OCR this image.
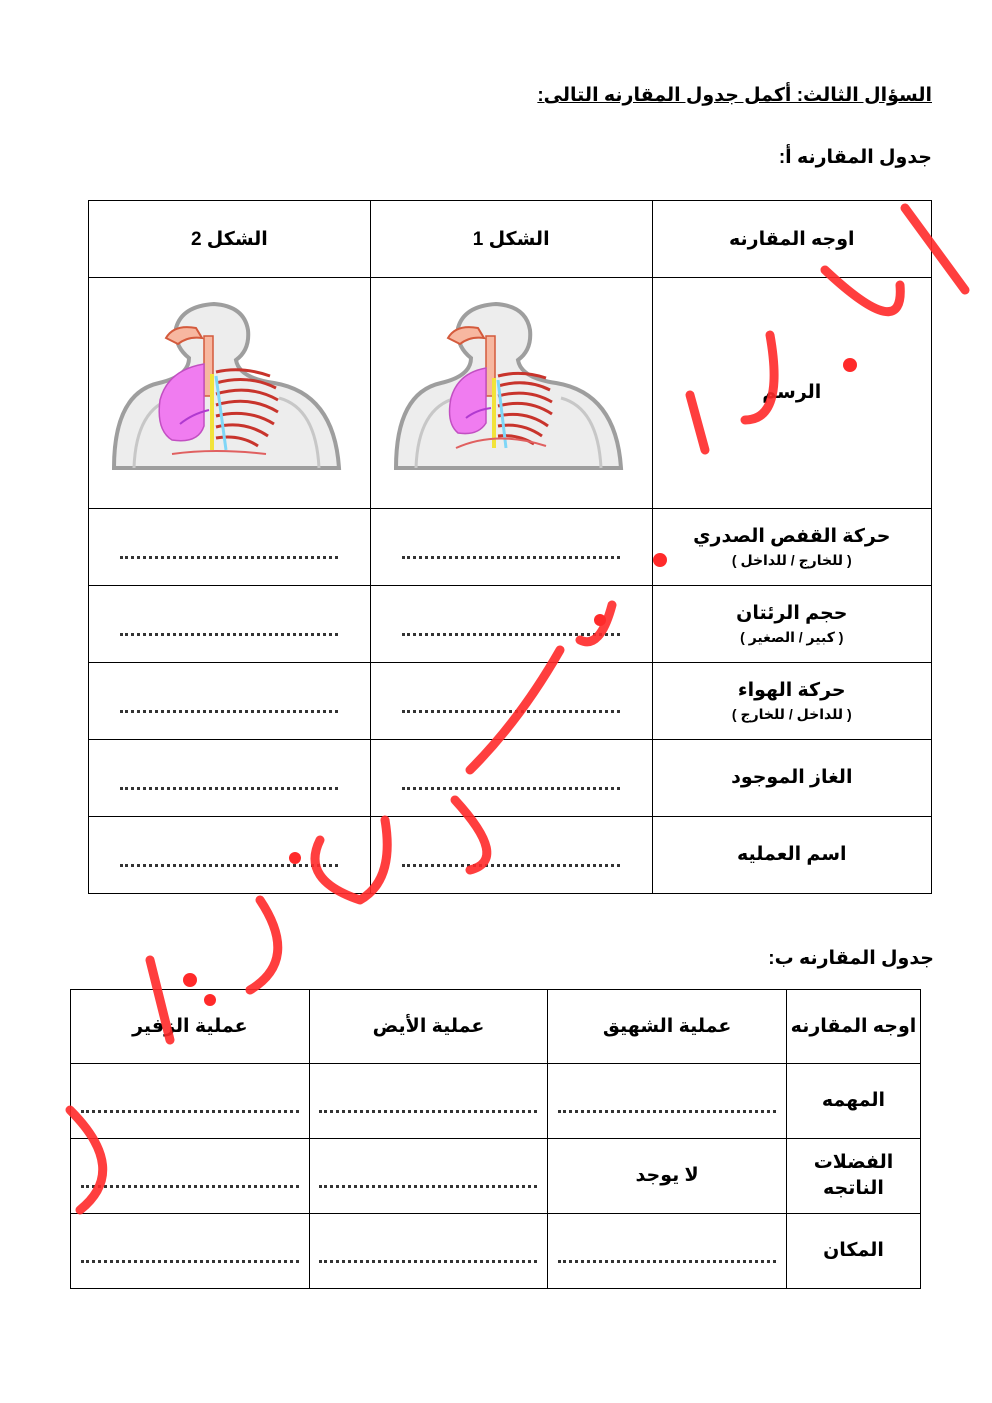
السؤال الثالث: أكمل جدول المقارنه التالى:
جدول المقارنه أ:
اوجه المقارنه	الشكل 1	الشكل 2
الرسم	

حركة القفص الصدري
( للخارج / للداخل )		

حجم الرئتان
( كبير / الصغير )		

حركة الهواء
( للداخل / للخارج )		

الغاز الموجود		

اسم العمليه		

جدول المقارنه ب:
اوجه المقارنه	عملية الشهيق	عملية الأيض	عملية الزفير
المهمه			
الفضلات الناتجه	لا يوجد		
المكان			
